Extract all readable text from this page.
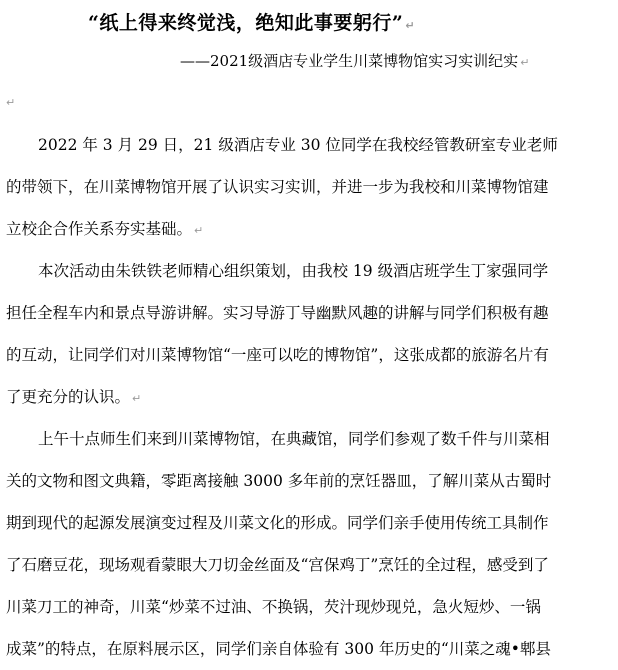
“纸上得来终觉浅，绝知此事要躬行” ↵
——2021级酒店专业学生川菜博物馆实习实训纪实 ↵
↵
2022 年 3 月 29 日，21 级酒店专业 30 位同学在我校经管教研室专业老师
的带领下，在川菜博物馆开展了认识实习实训，并进一步为我校和川菜博物馆建
立校企合作关系夯实基础。 ↵
本次活动由朱铁铁老师精心组织策划，由我校 19 级酒店班学生丁家强同学
担任全程车内和景点导游讲解。实习导游丁导幽默风趣的讲解与同学们积极有趣
的互动，让同学们对川菜博物馆“一座可以吃的博物馆”，这张成都的旅游名片有
了更充分的认识。 ↵
上午十点师生们来到川菜博物馆，在典藏馆，同学们参观了数千件与川菜相
关的文物和图文典籍，零距离接触 3000 多年前的烹饪器皿，了解川菜从古蜀时
期到现代的起源发展演变过程及川菜文化的形成。同学们亲手使用传统工具制作
了石磨豆花，现场观看蒙眼大刀切金丝面及“宫保鸡丁”烹饪的全过程，感受到了
川菜刀工的神奇，川菜“炒菜不过油、不换锅，芡汁现炒现兑，急火短炒、一锅
成菜”的特点，在原料展示区，同学们亲自体验有 300 年历史的“川菜之魂•郫县
